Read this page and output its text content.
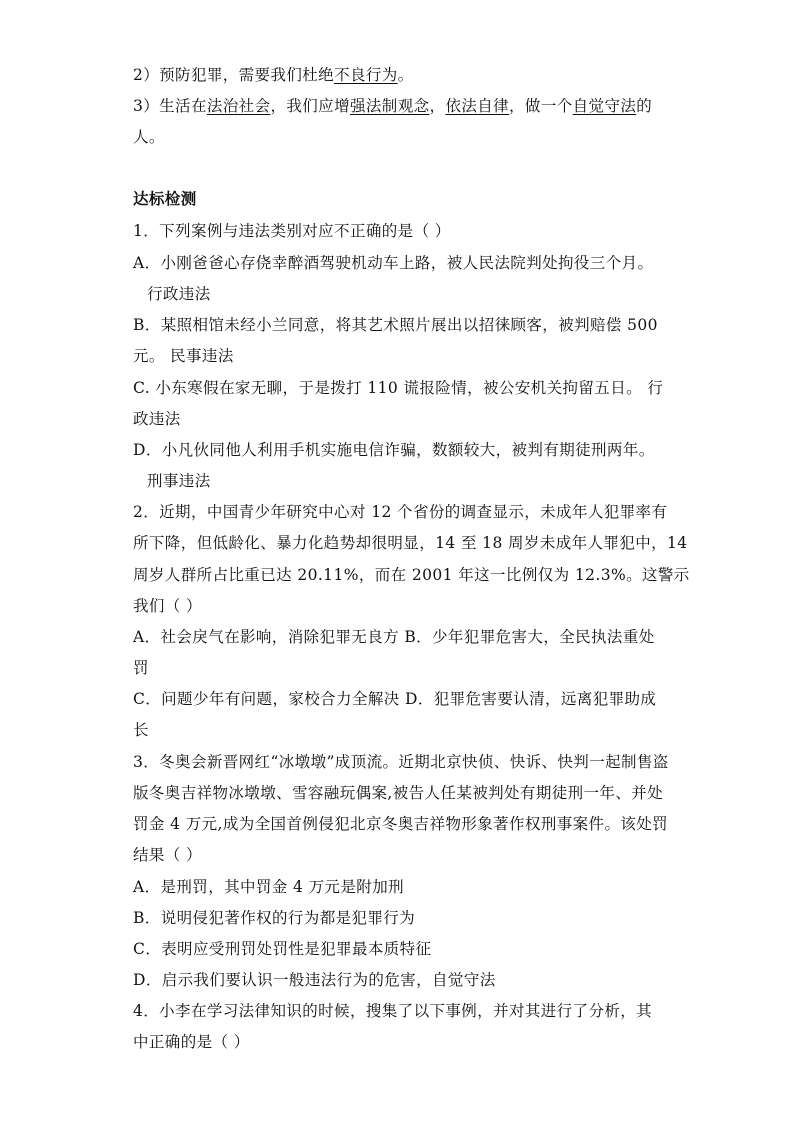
2）预防犯罪，需要我们杜绝不良行为。
3）生活在法治社会，我们应增强法制观念，依法自律，做一个自觉守法的
人。
达标检测
1．下列案例与违法类别对应不正确的是（ ）
A．小刚爸爸心存侥幸醉酒驾驶机动车上路，被人民法院判处拘役三个月。
行政违法
B．某照相馆未经小兰同意，将其艺术照片展出以招徕顾客，被判赔偿 500
元。 民事违法
C. 小东寒假在家无聊，于是拨打 110 谎报险情，被公安机关拘留五日。 行
政违法
D．小凡伙同他人利用手机实施电信诈骗，数额较大，被判有期徒刑两年。
刑事违法
2．近期，中国青少年研究中心对 12 个省份的调查显示，未成年人犯罪率有
所下降，但低龄化、暴力化趋势却很明显，14 至 18 周岁未成年人罪犯中，14
周岁人群所占比重已达 20.11%，而在 2001 年这一比例仅为 12.3%。这警示
我们（ ）
A．社会戾气在影响，消除犯罪无良方 B．少年犯罪危害大，全民执法重处
罚
C．问题少年有问题，家校合力全解决 D．犯罪危害要认清，远离犯罪助成
长
3．冬奥会新晋网红“冰墩墩”成顶流。近期北京快侦、快诉、快判一起制售盗
版冬奥吉祥物冰墩墩、雪容融玩偶案,被告人任某被判处有期徒刑一年、并处
罚金 4 万元,成为全国首例侵犯北京冬奥吉祥物形象著作权刑事案件。该处罚
结果（ ）
A．是刑罚，其中罚金 4 万元是附加刑
B．说明侵犯著作权的行为都是犯罪行为
C．表明应受刑罚处罚性是犯罪最本质特征
D．启示我们要认识一般违法行为的危害，自觉守法
4．小李在学习法律知识的时候，搜集了以下事例，并对其进行了分析，其
中正确的是（ ）
